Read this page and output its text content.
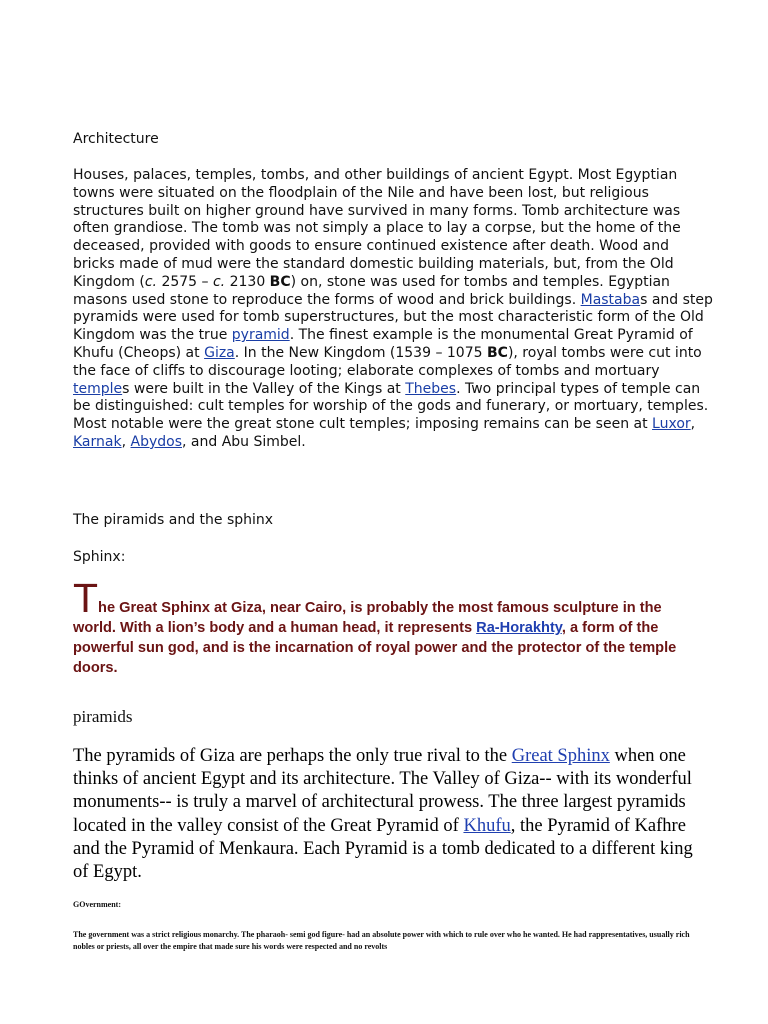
Architecture

Houses, palaces, temples, tombs, and other buildings of ancient Egypt. Most Egyptian towns were situated on the floodplain of the Nile and have been lost, but religious structures built on higher ground have survived in many forms. Tomb architecture was often grandiose. The tomb was not simply a place to lay a corpse, but the home of the deceased, provided with goods to ensure continued existence after death. Wood and bricks made of mud were the standard domestic building materials, but, from the Old Kingdom (c. 2575 – c. 2130 BC) on, stone was used for tombs and temples. Egyptian masons used stone to reproduce the forms of wood and brick buildings. Mastabas and step pyramids were used for tomb superstructures, but the most characteristic form of the Old Kingdom was the true pyramid. The finest example is the monumental Great Pyramid of Khufu (Cheops) at Giza. In the New Kingdom (1539 – 1075 BC), royal tombs were cut into the face of cliffs to discourage looting; elaborate complexes of tombs and mortuary temples were built in the Valley of the Kings at Thebes. Two principal types of temple can be distinguished: cult temples for worship of the gods and funerary, or mortuary, temples. Most notable were the great stone cult temples; imposing remains can be seen at Luxor, Karnak, Abydos, and Abu Simbel.

The piramids and the sphinx

Sphinx:

The Great Sphinx at Giza, near Cairo, is probably the most famous sculpture in the world. With a lion’s body and a human head, it represents Ra-Horakhty, a form of the powerful sun god, and is the incarnation of royal power and the protector of the temple doors.

piramids

The pyramids of Giza are perhaps the only true rival to the Great Sphinx when one thinks of ancient Egypt and its architecture. The Valley of Giza-- with its wonderful monuments-- is truly a marvel of architectural prowess. The three largest pyramids located in the valley consist of the Great Pyramid of Khufu, the Pyramid of Kafhre and the Pyramid of Menkaura. Each Pyramid is a tomb dedicated to a different king of Egypt.

GOvernment:

The government was a strict religious monarchy. The pharaoh- semi god figure- had an absolute power with which to rule over who he wanted. He had rappresentatives, usually rich nobles or priests, all over the empire that made sure his words were respected and no revolts
